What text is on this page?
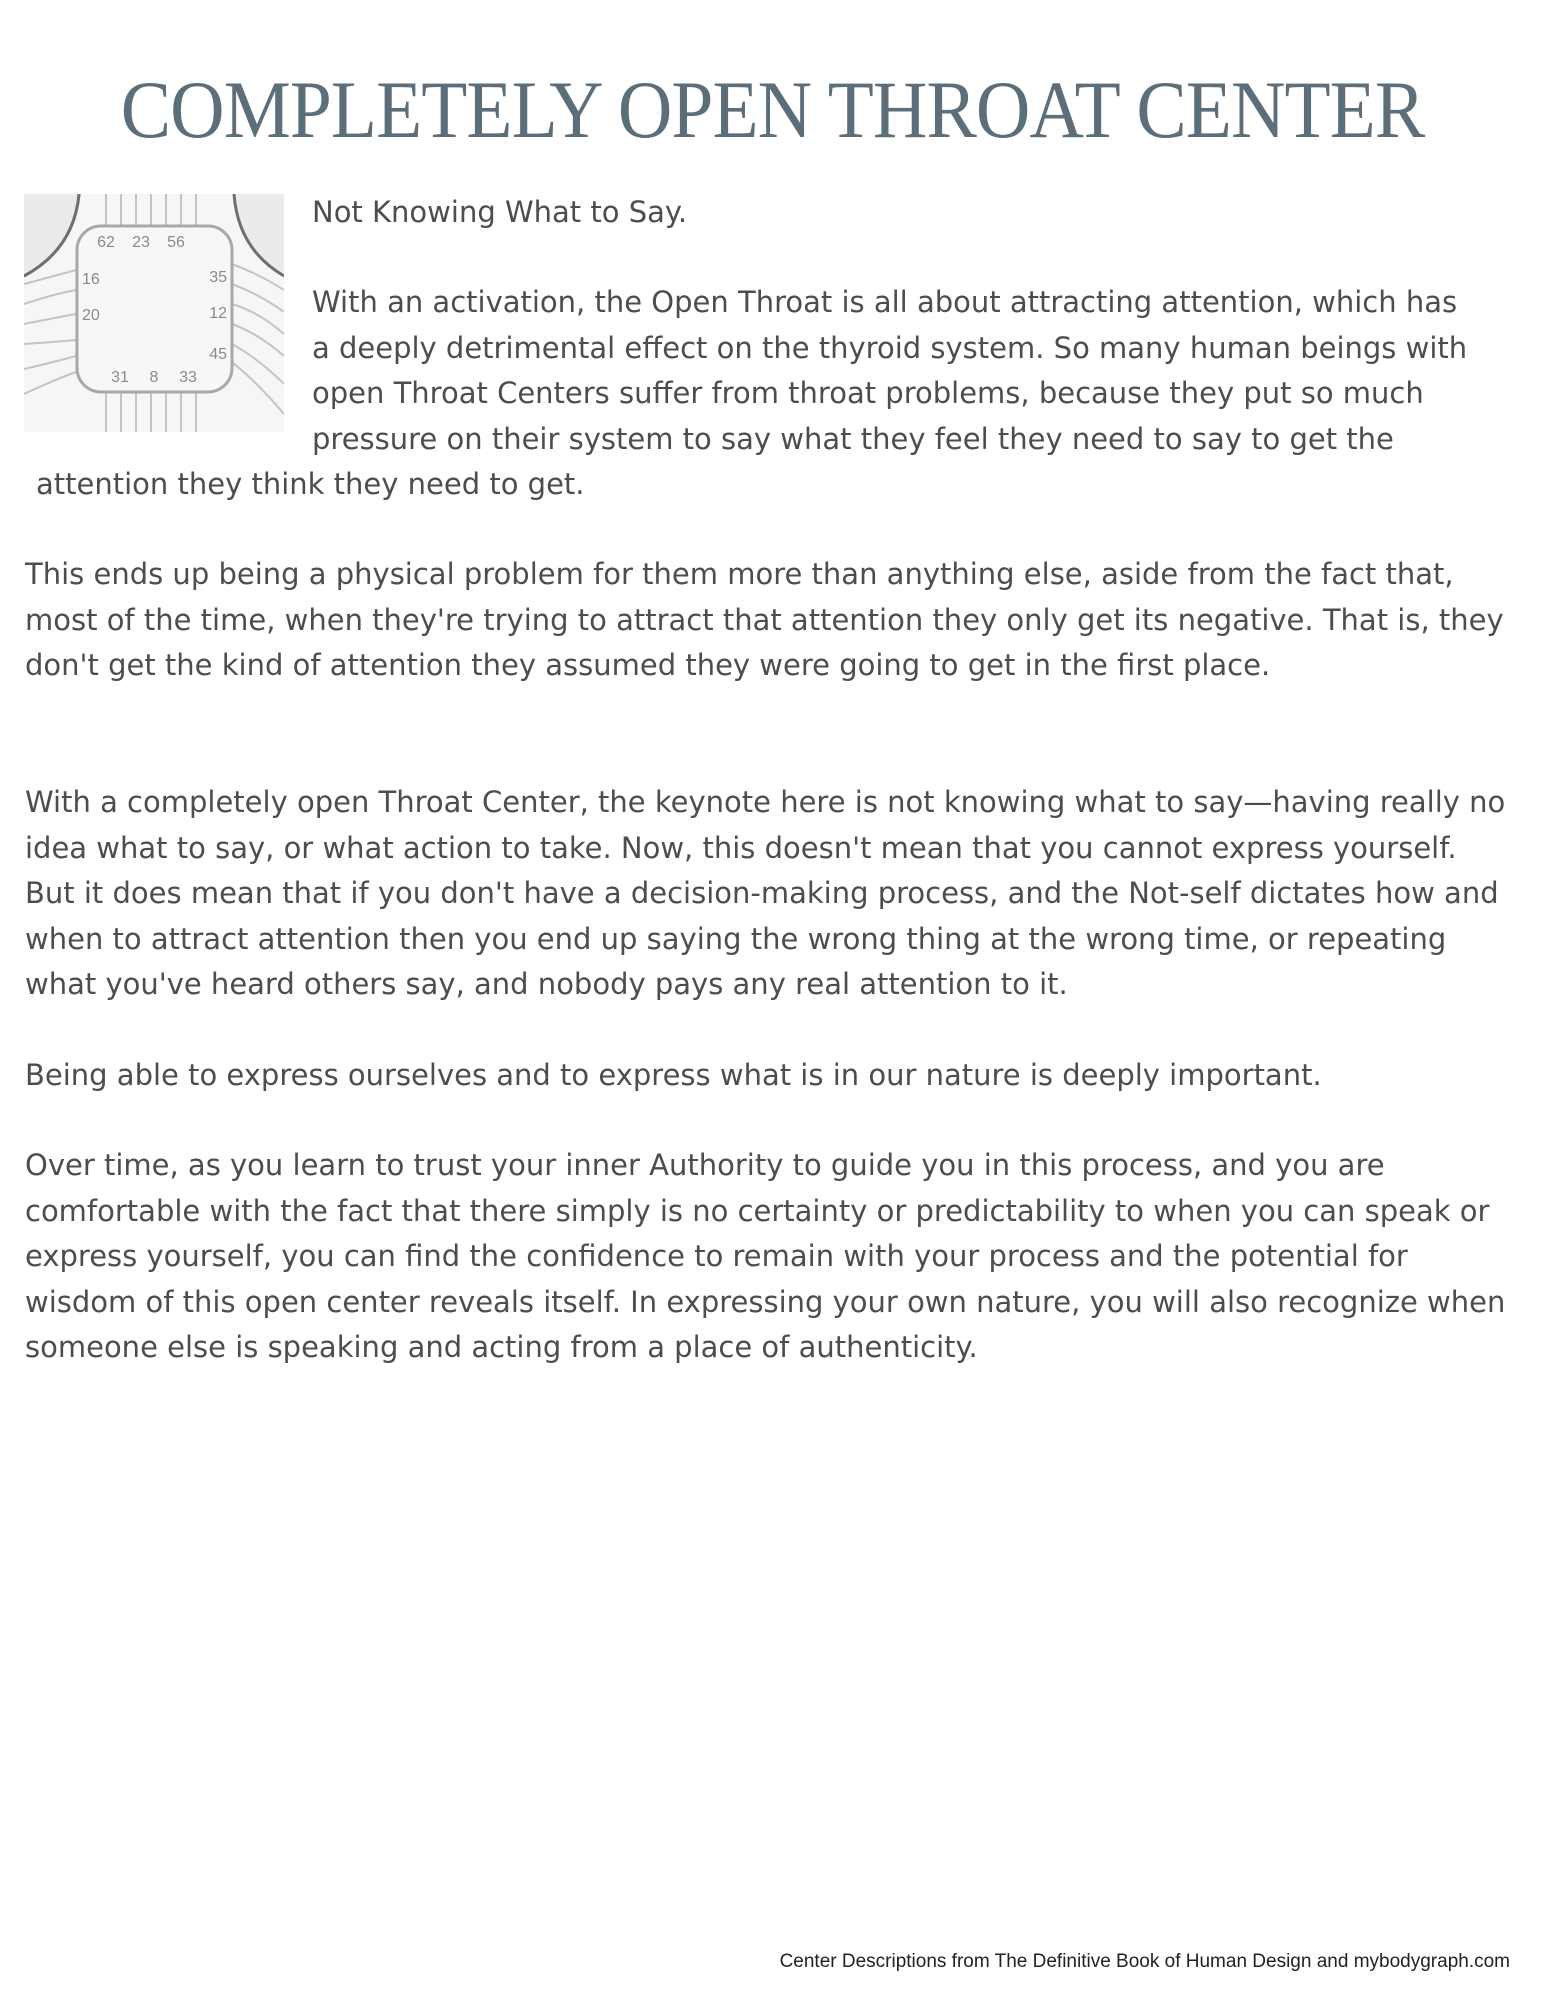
COMPLETELY OPEN THROAT CENTER
62 23 56
16
20
35
12
45
31 8 33

Not Knowing What to Say.

With an activation, the Open Throat is all about attracting attention, which has
a deeply detrimental effect on the thyroid system. So many human beings with
open Throat Centers suffer from throat problems, because they put so much
pressure on their system to say what they feel they need to say to get the

attention they think they need to get.

This ends up being a physical problem for them more than anything else, aside from the fact that, most of the time, when they're trying to attract that attention they only get its negative. That is, they don't get the kind of attention they assumed they were going to get in the first place.

With a completely open Throat Center, the keynote here is not knowing what to say—having really no idea what to say, or what action to take. Now, this doesn't mean that you cannot express yourself. But it does mean that if you don't have a decision-making process, and the Not-self dictates how and when to attract attention then you end up saying the wrong thing at the wrong time, or repeating what you've heard others say, and nobody pays any real attention to it.

Being able to express ourselves and to express what is in our nature is deeply important.

Over time, as you learn to trust your inner Authority to guide you in this process, and you are comfortable with the fact that there simply is no certainty or predictability to when you can speak or express yourself, you can find the confidence to remain with your process and the potential for wisdom of this open center reveals itself. In expressing your own nature, you will also recognize when someone else is speaking and acting from a place of authenticity.

Center Descriptions from The Definitive Book of Human Design and mybodygraph.com
